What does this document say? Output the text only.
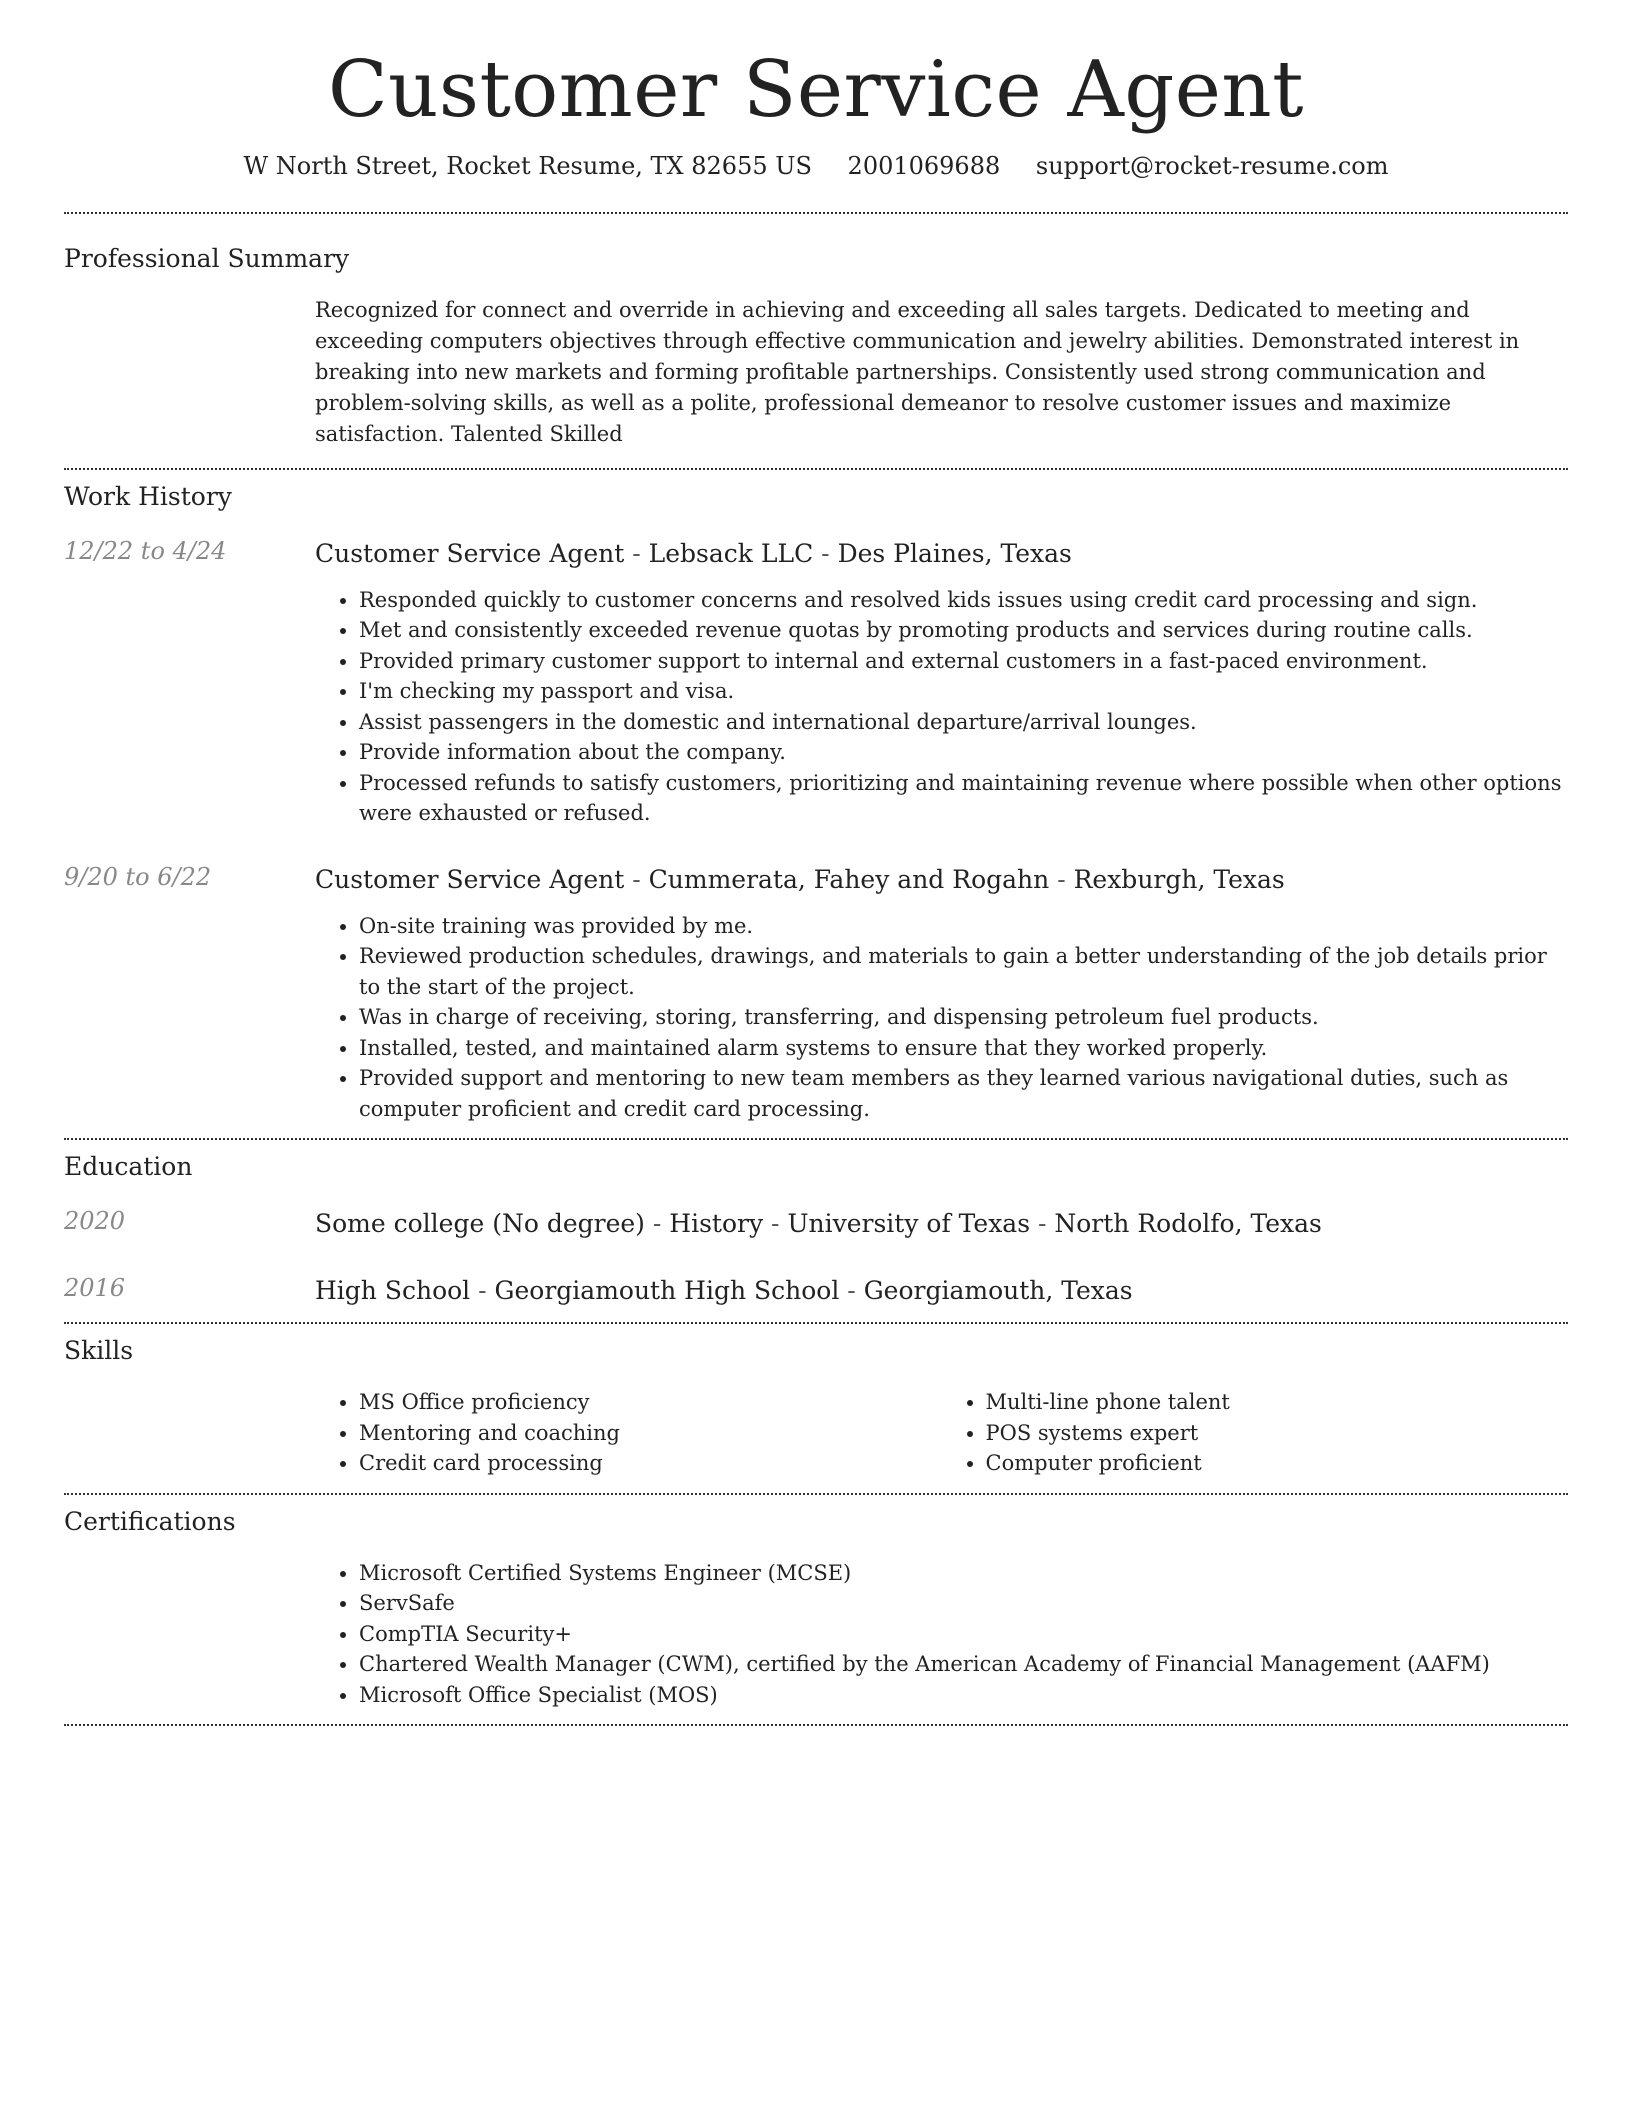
Customer Service Agent
W North Street, Rocket Resume, TX 82655 US 2001069688 support@rocket-resume.com
Professional Summary

Recognized for connect and override in achieving and exceeding all sales targets. Dedicated to meeting and exceeding computers objectives through effective communication and jewelry abilities. Demonstrated interest in breaking into new markets and forming profitable partnerships. Consistently used strong communication and problem-solving skills, as well as a polite, professional demeanor to resolve customer issues and maximize satisfaction. Talented Skilled

Work History
12/22 to 4/24	Customer Service Agent - Lebsack LLC - Des Plaines, Texas

• Responded quickly to customer concerns and resolved kids issues using credit card processing and sign.
• Met and consistently exceeded revenue quotas by promoting products and services during routine calls.
• Provided primary customer support to internal and external customers in a fast-paced environment.
• I'm checking my passport and visa.
• Assist passengers in the domestic and international departure/arrival lounges.
• Provide information about the company.
• Processed refunds to satisfy customers, prioritizing and maintaining revenue where possible when other options were exhausted or refused.
9/20 to 6/22	Customer Service Agent - Cummerata, Fahey and Rogahn - Rexburgh, Texas

• On-site training was provided by me.
• Reviewed production schedules, drawings, and materials to gain a better understanding of the job details prior to the start of the project.
• Was in charge of receiving, storing, transferring, and dispensing petroleum fuel products.
• Installed, tested, and maintained alarm systems to ensure that they worked properly.
• Provided support and mentoring to new team members as they learned various navigational duties, such as computer proficient and credit card processing.
Education
2020	Some college (No degree) - History - University of Texas - North Rodolfo, Texas

2016	High School - Georgiamouth High School - Georgiamouth, Texas

Skills
• MS Office proficiency
• Mentoring and coaching
• Credit card processing
• Multi-line phone talent
• POS systems expert
• Computer proficient
Certifications
• Microsoft Certified Systems Engineer (MCSE)
• ServSafe
• CompTIA Security+
• Chartered Wealth Manager (CWM), certified by the American Academy of Financial Management (AAFM)
• Microsoft Office Specialist (MOS)
